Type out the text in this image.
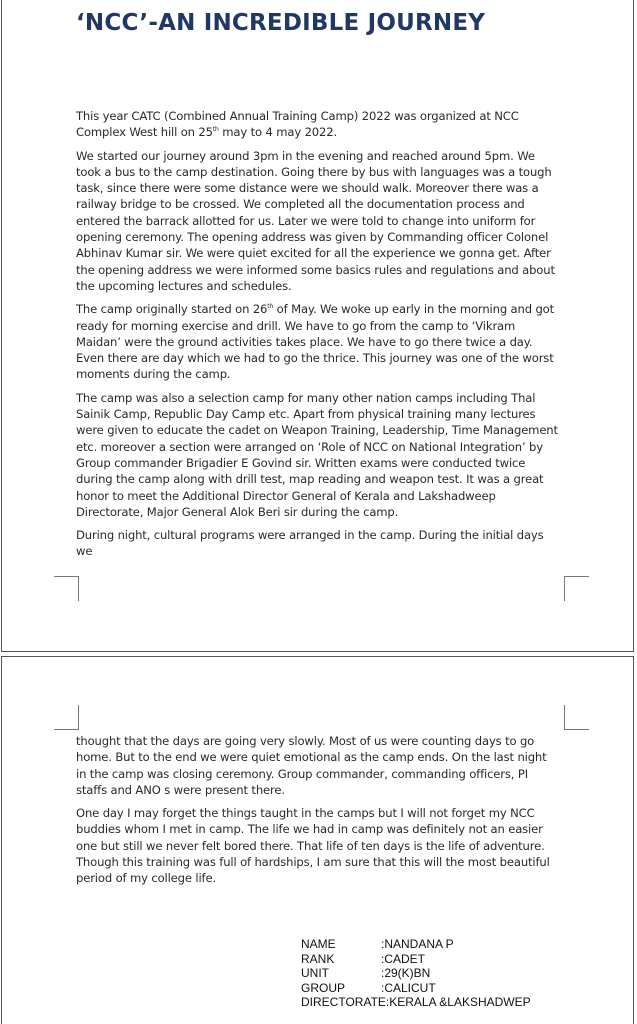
‘NCC’-AN INCREDIBLE JOURNEY

This year CATC (Combined Annual Training Camp) 2022 was organized at NCC Complex West hill on 25th may to 4 may 2022.

We started our journey around 3pm in the evening and reached around 5pm. We took a bus to the camp destination. Going there by bus with languages was a tough task, since there were some distance were we should walk. Moreover there was a railway bridge to be crossed. We completed all the documentation process and entered the barrack allotted for us. Later we were told to change into uniform for opening ceremony. The opening address was given by Commanding officer Colonel Abhinav Kumar sir. We were quiet excited for all the experience we gonna get. After the opening address we were informed some basics rules and regulations and about the upcoming lectures and schedules.

The camp originally started on 26th of May. We woke up early in the morning and got ready for morning exercise and drill. We have to go from the camp to ‘Vikram Maidan’ were the ground activities takes place. We have to go there twice a day. Even there are day which we had to go the thrice. This journey was one of the worst moments during the camp.

The camp was also a selection camp for many other nation camps including Thal Sainik Camp, Republic Day Camp etc. Apart from physical training many lectures were given to educate the cadet on Weapon Training, Leadership, Time Management etc. moreover a section were arranged on ‘Role of NCC on National Integration’ by Group commander Brigadier E Govind sir. Written exams were conducted twice during the camp along with drill test, map reading and weapon test. It was a great honor to meet the Additional Director General of Kerala and Lakshadweep Directorate, Major General Alok Beri sir during the camp.

During night, cultural programs were arranged in the camp. During the initial days we

thought that the days are going very slowly. Most of us were counting days to go home. But to the end we were quiet emotional as the camp ends. On the last night in the camp was closing ceremony. Group commander, commanding officers, PI staffs and ANO s were present there.

One day I may forget the things taught in the camps but I will not forget my NCC buddies whom I met in camp. The life we had in camp was definitely not an easier one but still we never felt bored there. That life of ten days is the life of adventure. Though this training was full of hardships, I am sure that this will the most beautiful period of my college life.

NAME	:NANDANA P
RANK	:CADET
UNIT	:29(K)BN
GROUP	:CALICUT
DIRECTORATE :KERALA &LAKSHADWEP
